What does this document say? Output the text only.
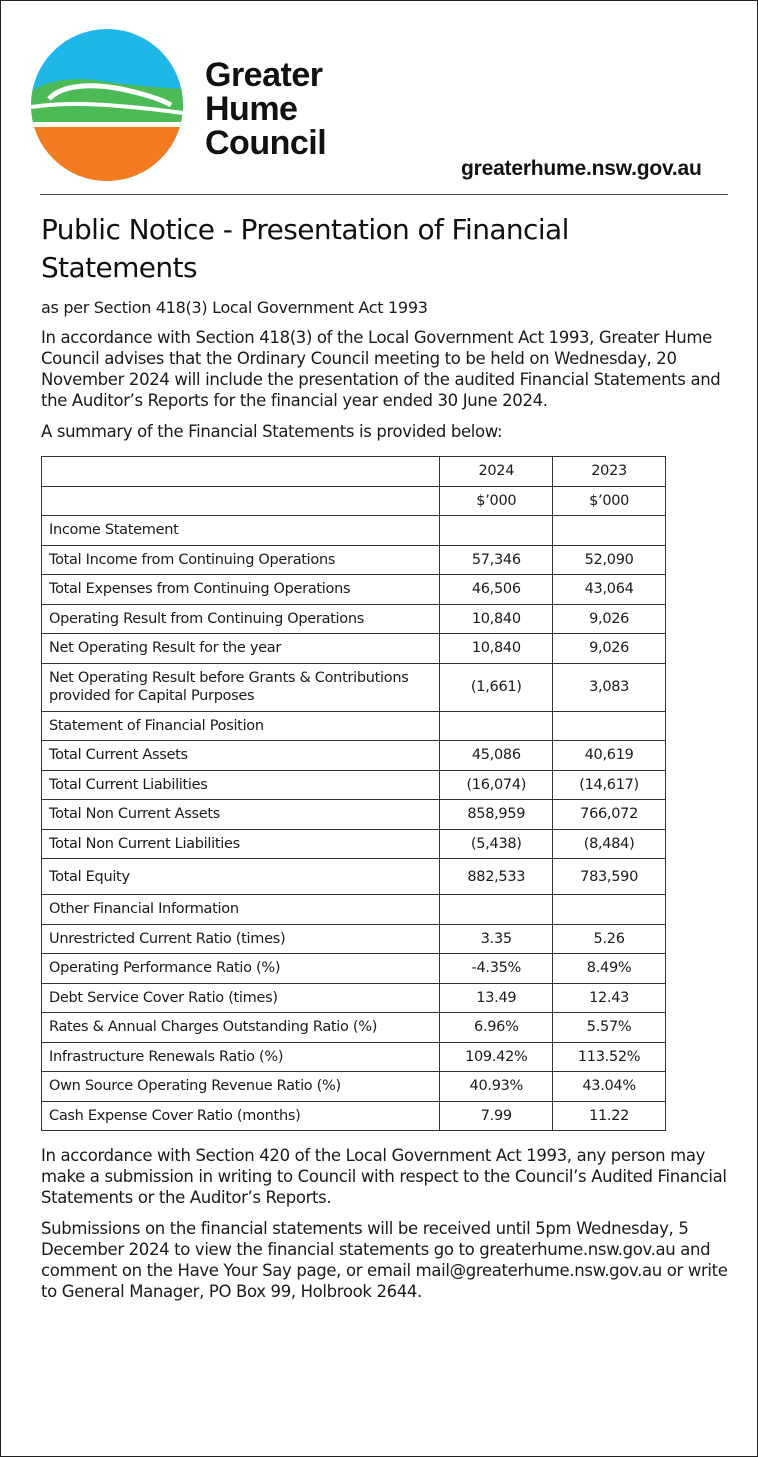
Greater
Hume
Council
greaterhume.nsw.gov.au
Public Notice - Presentation of Financial Statements
as per Section 418(3) Local Government Act 1993

In accordance with Section 418(3) of the Local Government Act 1993, Greater Hume Council advises that the Ordinary Council meeting to be held on Wednesday, 20 November 2024 will include the presentation of the audited Financial Statements and the Auditor’s Reports for the financial year ended 30 June 2024.

A summary of the Financial Statements is provided below:

	2024	2023
	$’000	$’000
Income Statement		
Total Income from Continuing Operations	57,346	52,090
Total Expenses from Continuing Operations	46,506	43,064
Operating Result from Continuing Operations	10,840	9,026
Net Operating Result for the year	10,840	9,026
Net Operating Result before Grants & Contributions provided for Capital Purposes	(1,661)	3,083
Statement of Financial Position		
Total Current Assets	45,086	40,619
Total Current Liabilities	(16,074)	(14,617)
Total Non Current Assets	858,959	766,072
Total Non Current Liabilities	(5,438)	(8,484)
Total Equity	882,533	783,590
Other Financial Information		
Unrestricted Current Ratio (times)	3.35	5.26
Operating Performance Ratio (%)	-4.35%	8.49%
Debt Service Cover Ratio (times)	13.49	12.43
Rates & Annual Charges Outstanding Ratio (%)	6.96%	5.57%
Infrastructure Renewals Ratio (%)	109.42%	113.52%
Own Source Operating Revenue Ratio (%)	40.93%	43.04%
Cash Expense Cover Ratio (months)	7.99	11.22

In accordance with Section 420 of the Local Government Act 1993, any person may make a submission in writing to Council with respect to the Council’s Audited Financial Statements or the Auditor’s Reports.

Submissions on the financial statements will be received until 5pm Wednesday, 5 December 2024 to view the financial statements go to greaterhume.nsw.gov.au and comment on the Have Your Say page, or email mail@greaterhume.nsw.gov.au or write to General Manager, PO Box 99, Holbrook 2644.
